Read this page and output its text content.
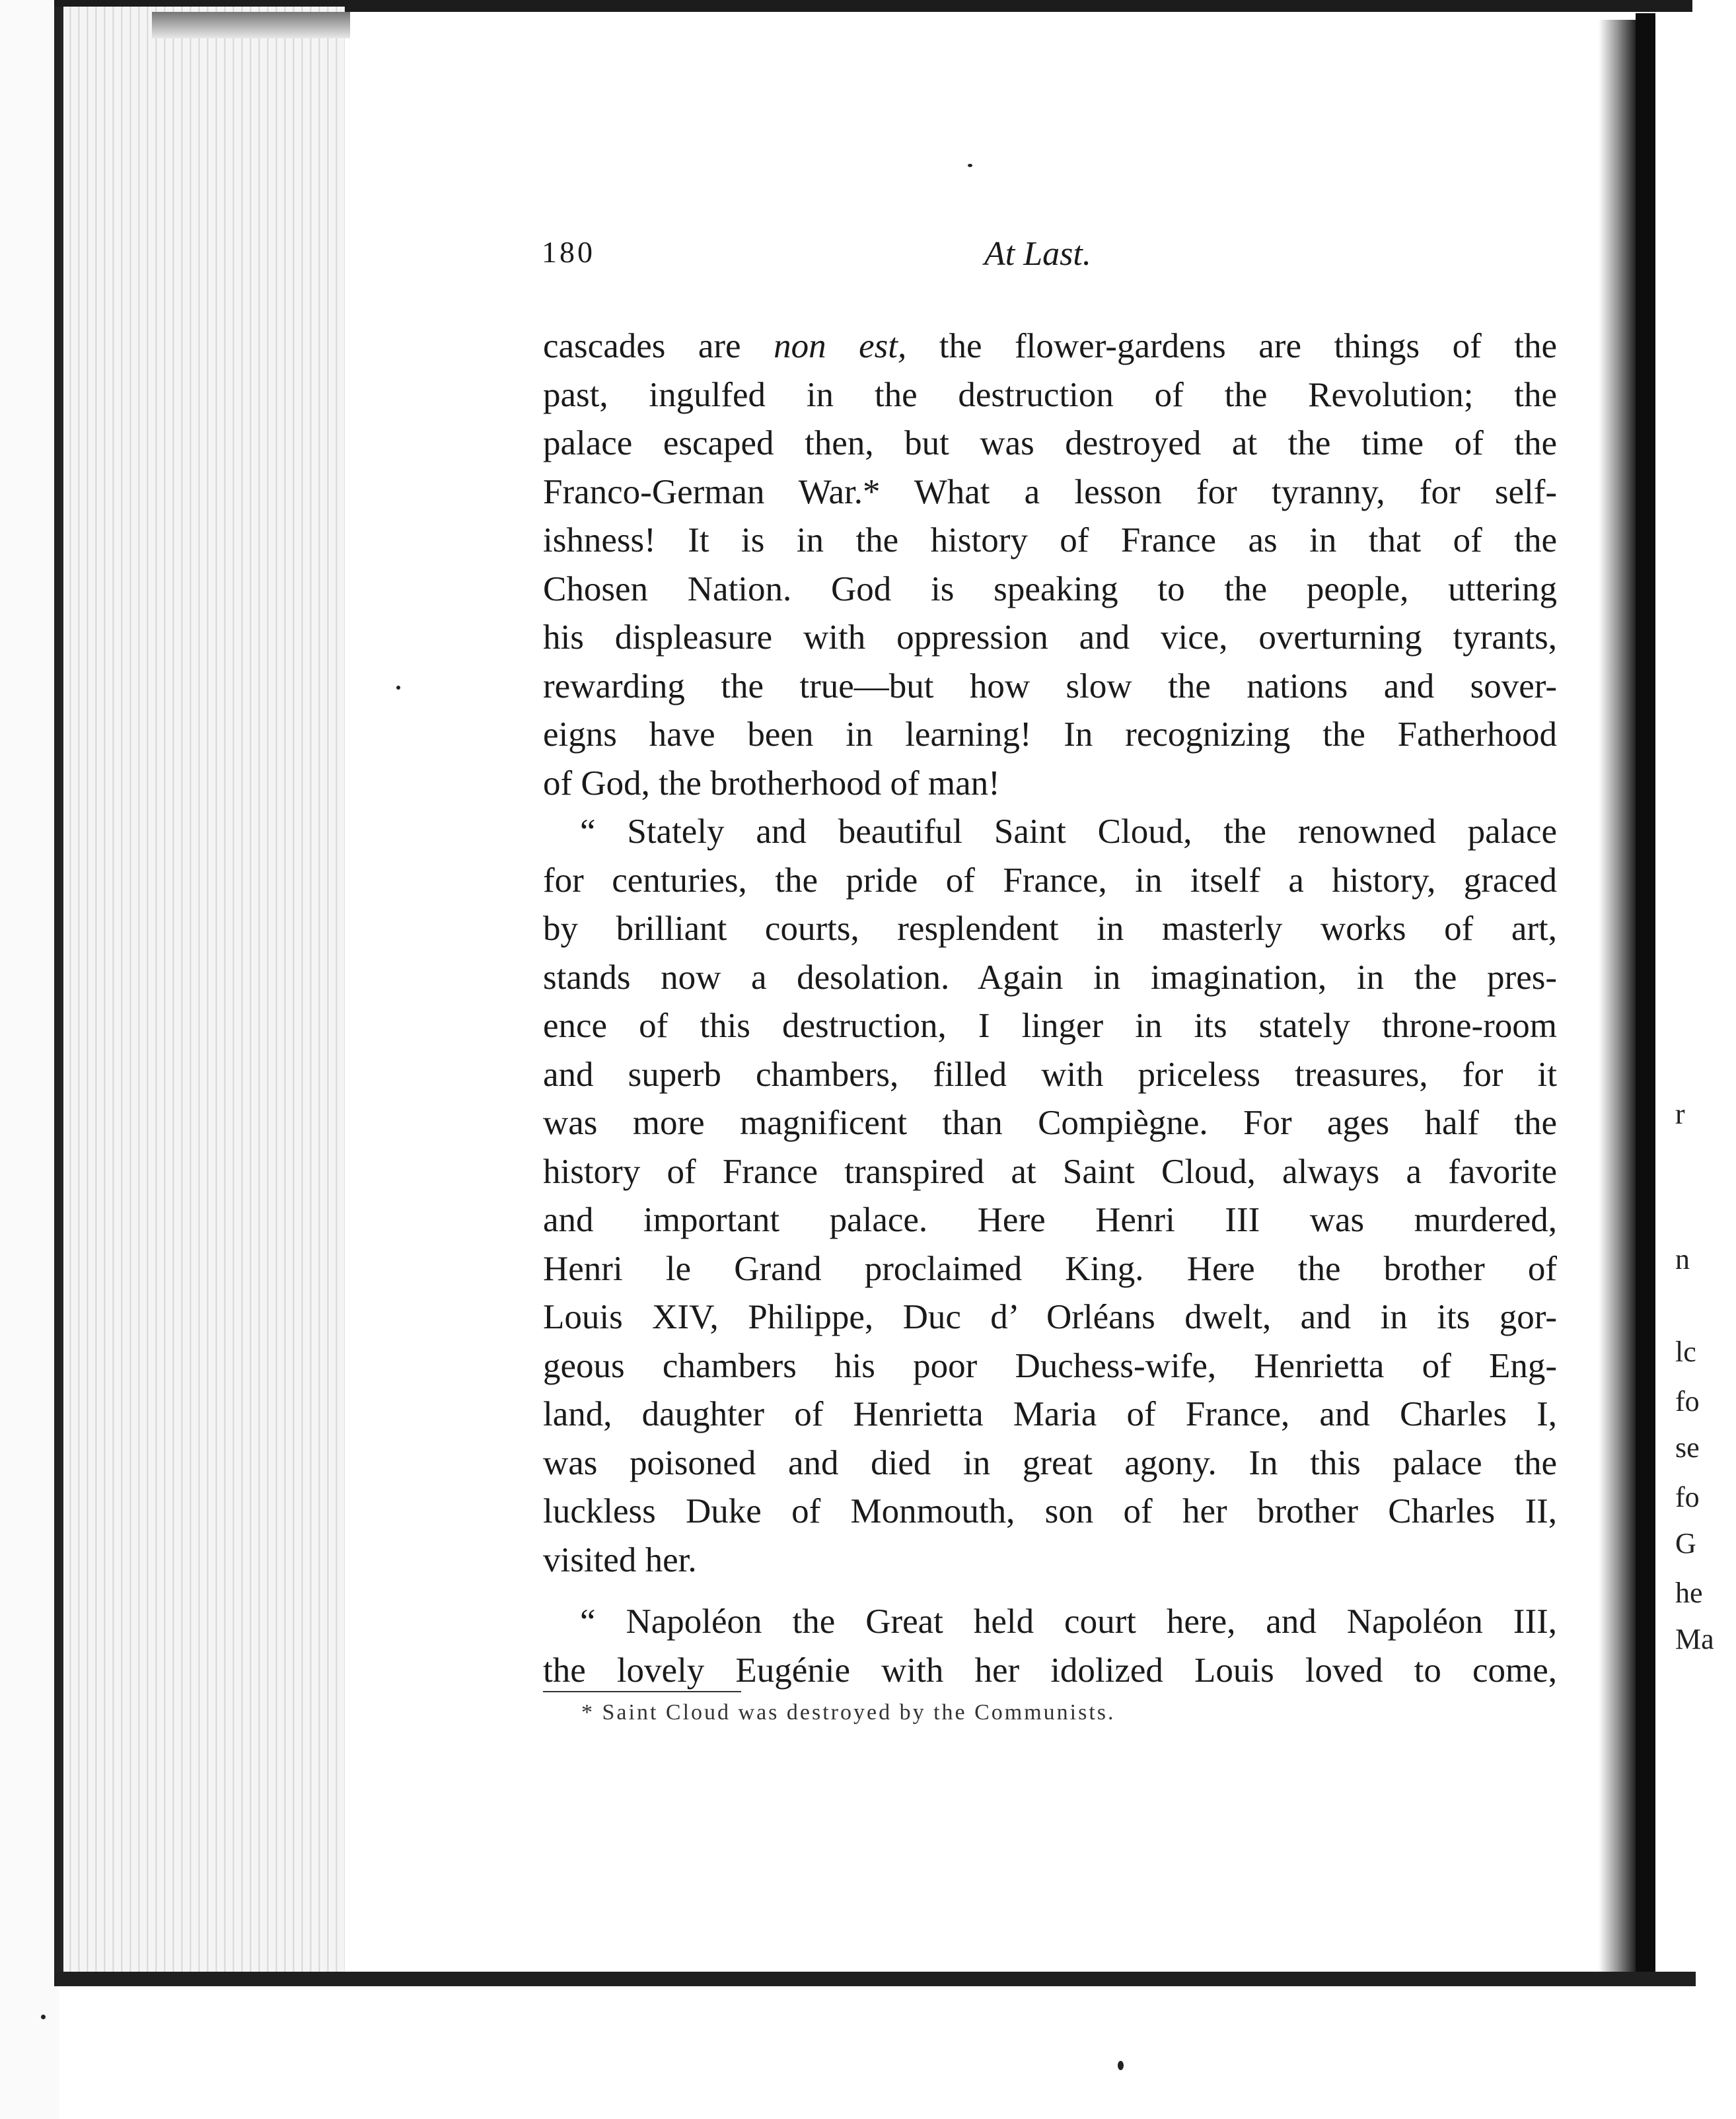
r
n
lc
fo
se
fo
G
he
Ma
180	At Last.
cascades are non est, the flower-gardens are things of the
past, ingulfed in the destruction of the Revolution; the
palace escaped then, but was destroyed at the time of the
Franco-German War.* What a lesson for tyranny, for self-
ishness! It is in the history of France as in that of the
Chosen Nation. God is speaking to the people, uttering
his displeasure with oppression and vice, overturning tyrants,
rewarding the true—but how slow the nations and sover-
eigns have been in learning! In recognizing the Fatherhood
of God, the brotherhood of man!
“ Stately and beautiful Saint Cloud, the renowned palace
for centuries, the pride of France, in itself a history, graced
by brilliant courts, resplendent in masterly works of art,
stands now a desolation. Again in imagination, in the pres-
ence of this destruction, I linger in its stately throne-room
and superb chambers, filled with priceless treasures, for it
was more magnificent than Compiègne. For ages half the
history of France transpired at Saint Cloud, always a favorite
and important palace. Here Henri III was murdered,
Henri le Grand proclaimed King. Here the brother of
Louis XIV, Philippe, Duc d’ Orléans dwelt, and in its gor-
geous chambers his poor Duchess-wife, Henrietta of Eng-
land, daughter of Henrietta Maria of France, and Charles I,
was poisoned and died in great agony. In this palace the
luckless Duke of Monmouth, son of her brother Charles II,
visited her.
“ Napoléon the Great held court here, and Napoléon III,
the lovely Eugénie with her idolized Louis loved to come,
* Saint Cloud was destroyed by the Communists.
